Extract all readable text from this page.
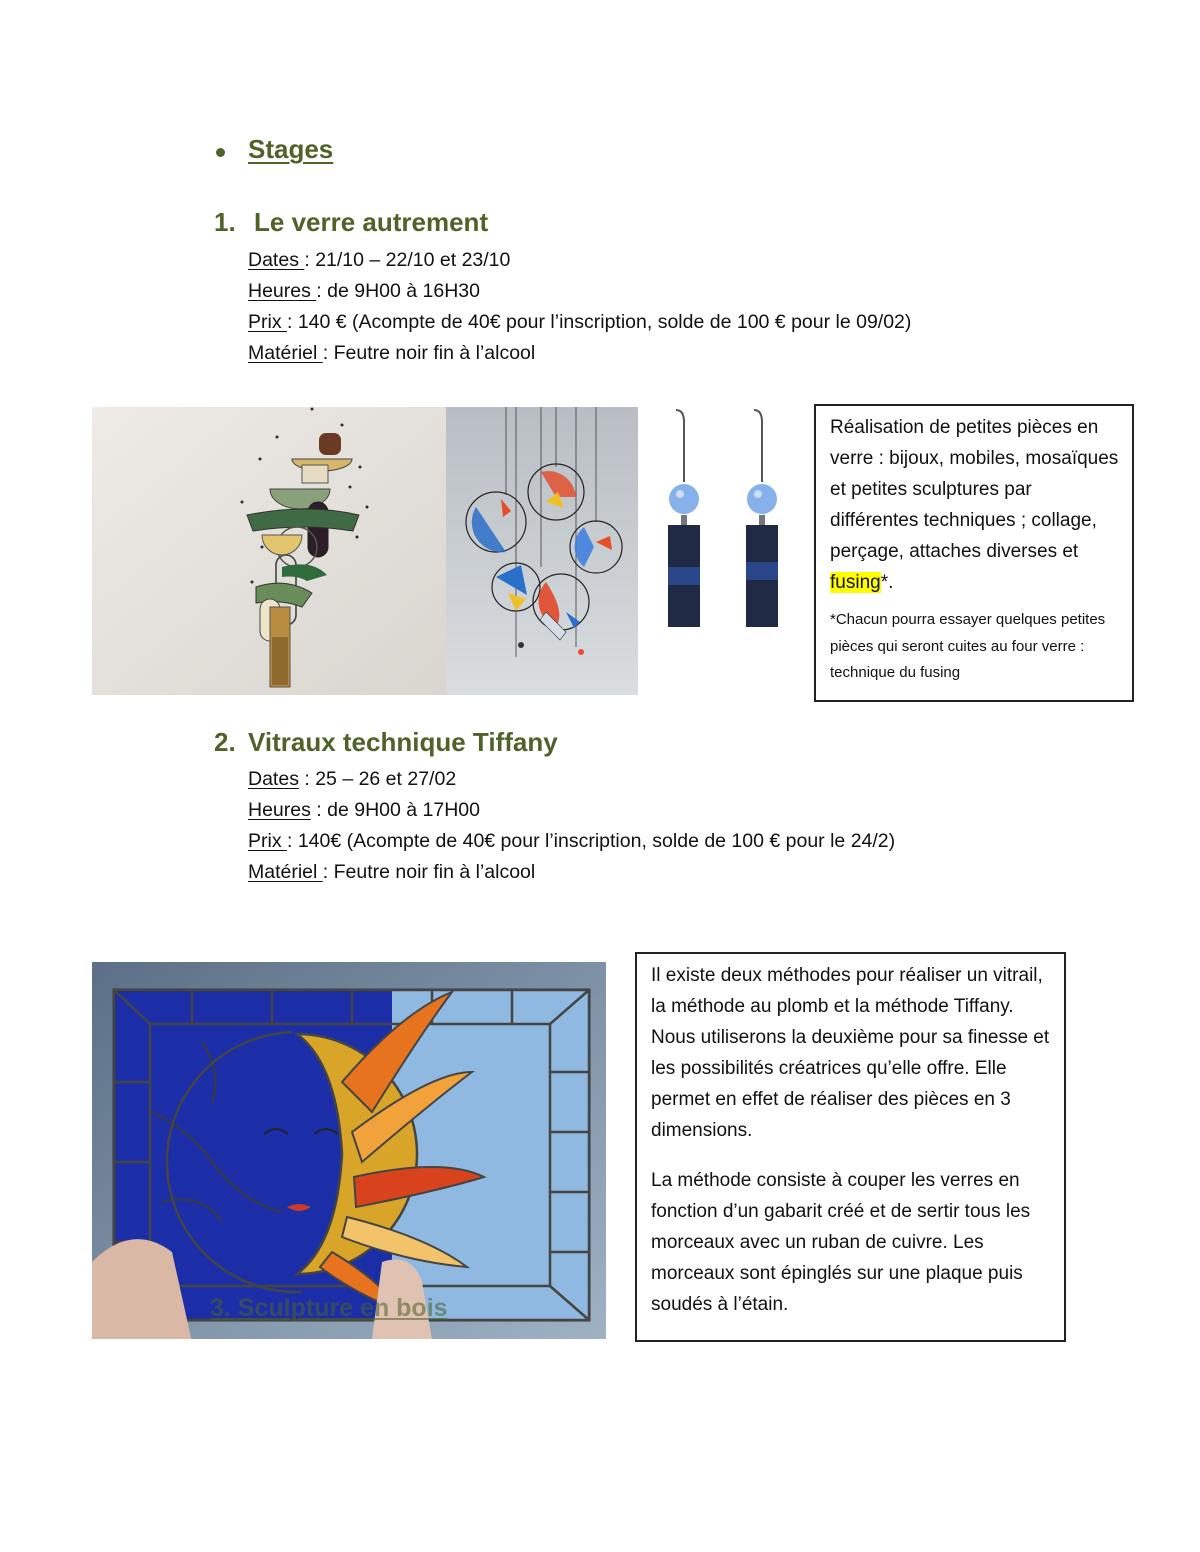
Stages
1. Le verre autrement
Dates : 21/10 – 22/10 et 23/10
Heures : de 9H00 à 16H30
Prix : 140 € (Acompte de 40€ pour l’inscription, solde de 100 € pour le 09/02)
Matériel : Feutre noir fin à l’alcool

Réalisation de petites pièces en verre : bijoux, mobiles, mosaïques et petites sculptures par différentes techniques ; collage, perçage, attaches diverses et fusing*.

*Chacun pourra essayer quelques petites pièces qui seront cuites au four verre : technique du fusing

2. Vitraux technique Tiffany
Dates : 25 – 26 et 27/02
Heures : de 9H00 à 17H00
Prix : 140€ (Acompte de 40€ pour l’inscription, solde de 100 € pour le 24/2)
Matériel : Feutre noir fin à l’alcool
3. Sculpture en bois

Il existe deux méthodes pour réaliser un vitrail, la méthode au plomb et la méthode Tiffany. Nous utiliserons la deuxième pour sa finesse et les possibilités créatrices qu’elle offre. Elle permet en effet de réaliser des pièces en 3 dimensions.

La méthode consiste à couper les verres en fonction d’un gabarit créé et de sertir tous les morceaux avec un ruban de cuivre. Les morceaux sont épinglés sur une plaque puis soudés à l’étain.
